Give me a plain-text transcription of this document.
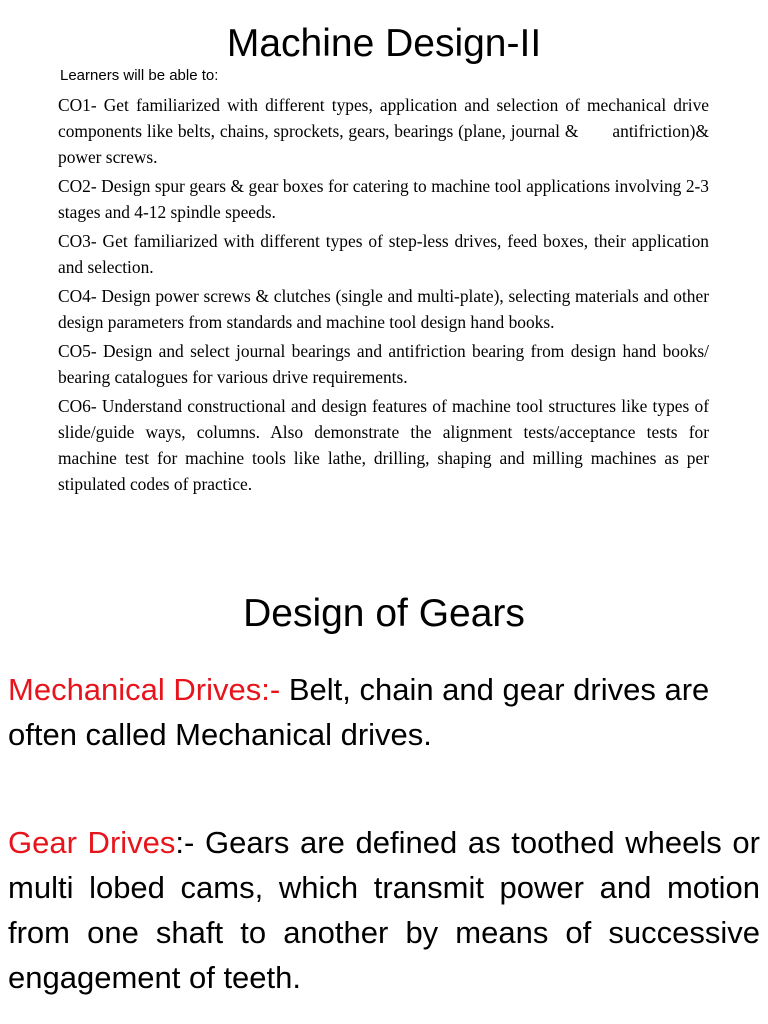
Machine Design-II
Learners will be able to:
CO1- Get familiarized with different types, application and selection of mechanical drive components like belts, chains, sprockets, gears, bearings (plane, journal &       antifriction)& power screws.
CO2- Design spur gears & gear boxes for catering to machine tool applications involving 2-3 stages and 4-12 spindle speeds.
CO3- Get familiarized with different types of step-less drives, feed boxes, their application and selection.
CO4- Design power screws & clutches (single and multi-plate), selecting materials and other design parameters from standards and machine tool design hand books.
CO5- Design and select journal bearings and antifriction bearing from design hand books/ bearing catalogues for various drive requirements.
CO6- Understand constructional and design features of machine tool structures like types of slide/guide ways, columns. Also demonstrate the alignment tests/acceptance tests for machine test for machine tools like lathe, drilling, shaping and milling machines as per stipulated codes of practice.
Design of Gears

Mechanical Drives:- Belt, chain and gear drives are often called Mechanical drives.

Gear Drives:- Gears are defined as toothed wheels or multi lobed cams, which transmit power and motion from one shaft to another by means of successive engagement of teeth.
